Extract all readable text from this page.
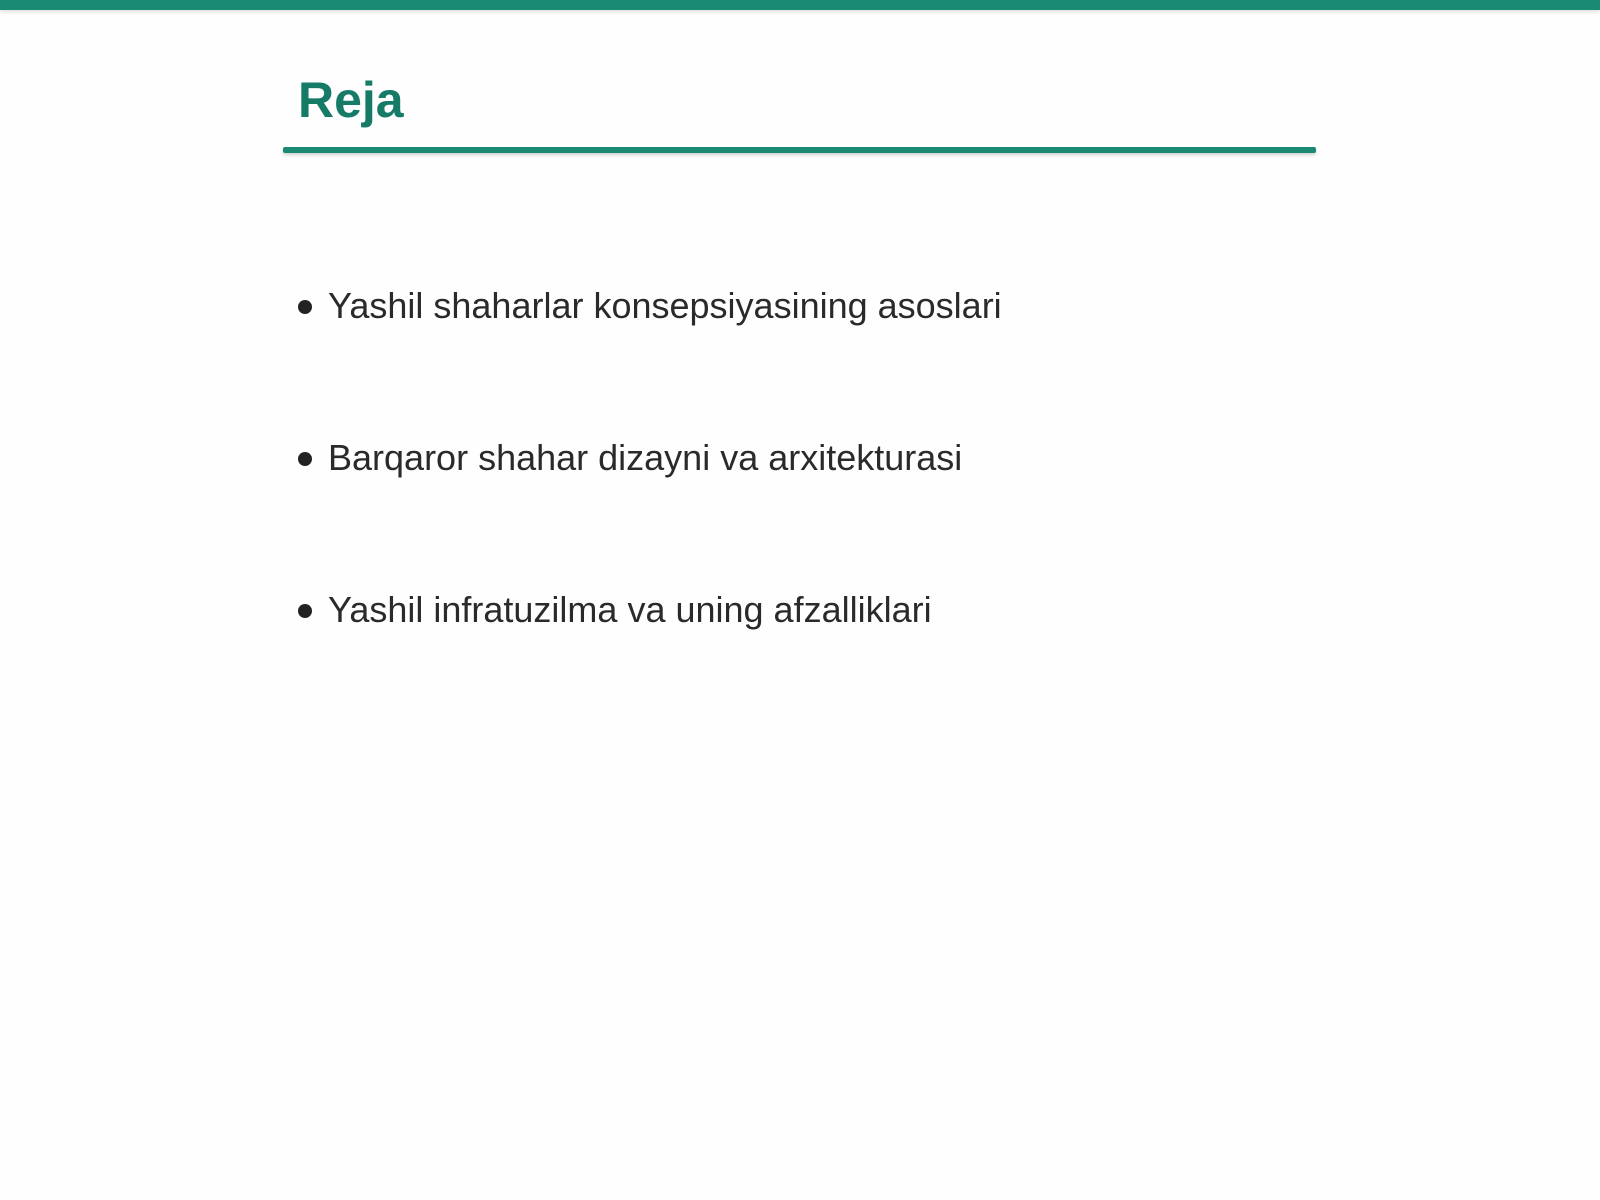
Reja
Yashil shaharlar konsepsiyasining asoslari
Barqaror shahar dizayni va arxitekturasi
Yashil infratuzilma va uning afzalliklari
